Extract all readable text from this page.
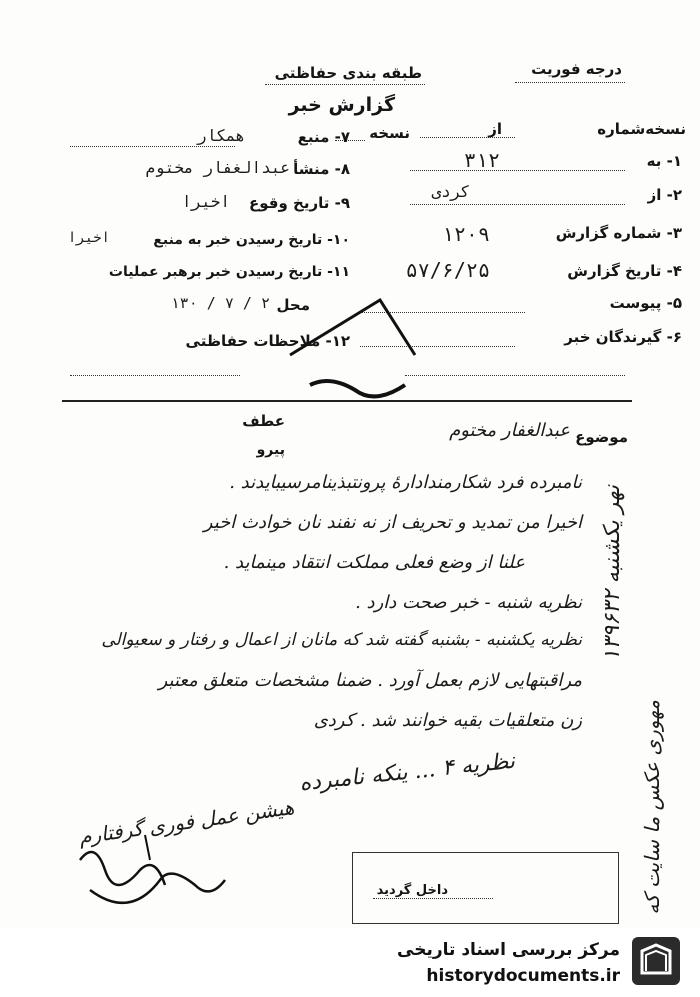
درجه فوریت
طبقه بندی حفاظتی
گزارش خبر
نسخه‌شماره
از
نسخه
۱- به
۳۱۲
۲- از
کردی
۳- شماره گزارش
۱۲۰۹
۴- تاریخ گزارش
۵۷/۶/۲۵
۵- پیوست
۶- گیرندگان خبر
۷- منبع
همکار
۸- منشأ
عبدالغفار مختوم
۹- تاریخ وقوع
اخیرا
۱۰- تاریخ رسیدن خبر به منبع
اخیرا
۱۱- تاریخ رسیدن خبر برهبر عملیات
محل
۲ / ۷ / ۱۳۰
۱۲- ملاحظات حفاظتی
موضوع
عبدالغفار مختوم
عطف
پیرو
نامبرده فرد شکارمندادارهٔ پرونتبذینامرسیبایدند .
اخیرا من تمدید و تحریف از نه نفند نان خوادث اخیر
علنا از وضع فعلی مملکت انتقاد مینماید .
نظریه شنبه - خبر صحت دارد .
نظریه یکشنبه - بشنبه گفته شد که مانان از اعمال و رفتار و سعیوالی
مراقبتهایی لازم بعمل آورد . ضمنا مشخصات متعلق معتبر
زن متعلقیات بقیه خوانند شد . کردی
نظریه ۴ ... ینکه نامبرده
نهر یکشنبه ۱۳۹۶۳۲
مهوری عکس ما سایت که
هیشن عمل فوری گرفتارم
داخل گردید
مرکز بررسی اسناد تاریخی
historydocuments.ir
